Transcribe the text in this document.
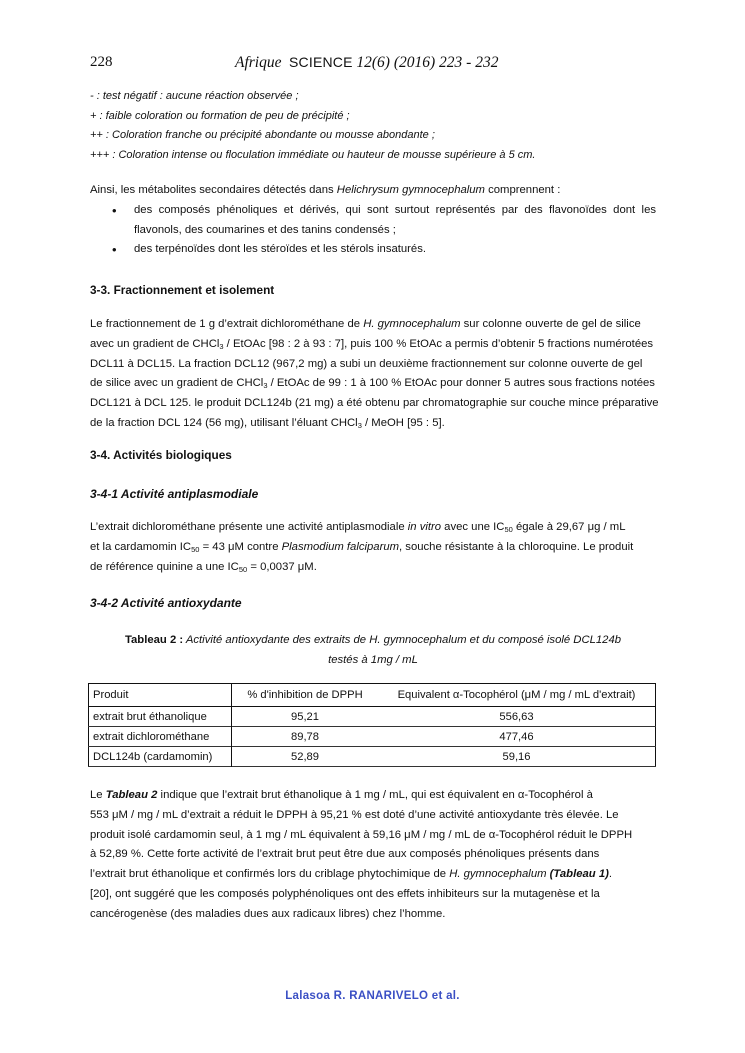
228	Afrique SCIENCE 12(6) (2016) 223 - 232
- : test négatif : aucune réaction observée ;
+ : faible coloration ou formation de peu de précipité ;
++ : Coloration franche ou précipité abondante ou mousse abondante ;
+++ : Coloration intense ou floculation immédiate ou hauteur de mousse supérieure à 5 cm.
Ainsi, les métabolites secondaires détectés dans Helichrysum gymnocephalum comprennent :
• des composés phénoliques et dérivés, qui sont surtout représentés par des flavonoïdes dont les flavonols, des coumarines et des tanins condensés ;
• des terpénoïdes dont les stéroïdes et les stérols insaturés.
3-3. Fractionnement et isolement
Le fractionnement de 1 g d’extrait dichlorométhane de H. gymnocephalum sur colonne ouverte de gel de silice
avec un gradient de CHCl$_3$ / EtOAc [98 : 2 à 93 : 7], puis 100 % EtOAc a permis d’obtenir 5 fractions numérotées
DCL11 à DCL15. La fraction DCL12 (967,2 mg) a subi un deuxième fractionnement sur colonne ouverte de gel
de silice avec un gradient de CHCl$_3$ / EtOAc de 99 : 1 à 100 % EtOAc pour donner 5 autres sous fractions notées
DCL121 à DCL 125. le produit DCL124b (21 mg) a été obtenu par chromatographie sur couche mince préparative
de la fraction DCL 124 (56 mg), utilisant l’éluant CHCl$_3$ / MeOH [95 : 5].
3-4. Activités biologiques
3-4-1 Activité antiplasmodiale
L’extrait dichlorométhane présente une activité antiplasmodiale in vitro avec une $IC_{50}$ égale à 29,67 μg / mL
et la cardamomin $IC_{50} = 43$ μM contre Plasmodium falciparum, souche résistante à la chloroquine. Le produit
de référence quinine a une $IC_{50} = 0,0037$ μM.
3-4-2 Activité antioxydante
Tableau 2 : Activité antioxydante des extraits de H. gymnocephalum et du composé isolé DCL124b
testés à 1mg / mL
Produit	% d'inhibition de DPPH	Equivalent α-Tocophérol (μM / mg / mL d'extrait)
extrait brut éthanolique	95,21	556,63
extrait dichlorométhane	89,78	477,46
DCL124b (cardamomin)	52,89	59,16
Le Tableau 2 indique que l’extrait brut éthanolique à 1 mg / mL, qui est équivalent en α-Tocophérol à
553 μM / mg / mL d’extrait a réduit le DPPH à 95,21 % est doté d’une activité antioxydante très élevée. Le
produit isolé cardamomin seul, à 1 mg / mL équivalent à 59,16 μM / mg / mL de α-Tocophérol réduit le DPPH
à 52,89 %. Cette forte activité de l’extrait brut peut être due aux composés phénoliques présents dans
l’extrait brut éthanolique et confirmés lors du criblage phytochimique de H. gymnocephalum (Tableau 1).
[20], ont suggéré que les composés polyphénoliques ont des effets inhibiteurs sur la mutagenèse et la
cancérogenèse (des maladies dues aux radicaux libres) chez l’homme.
Lalasoa R. RANARIVELO et al.
